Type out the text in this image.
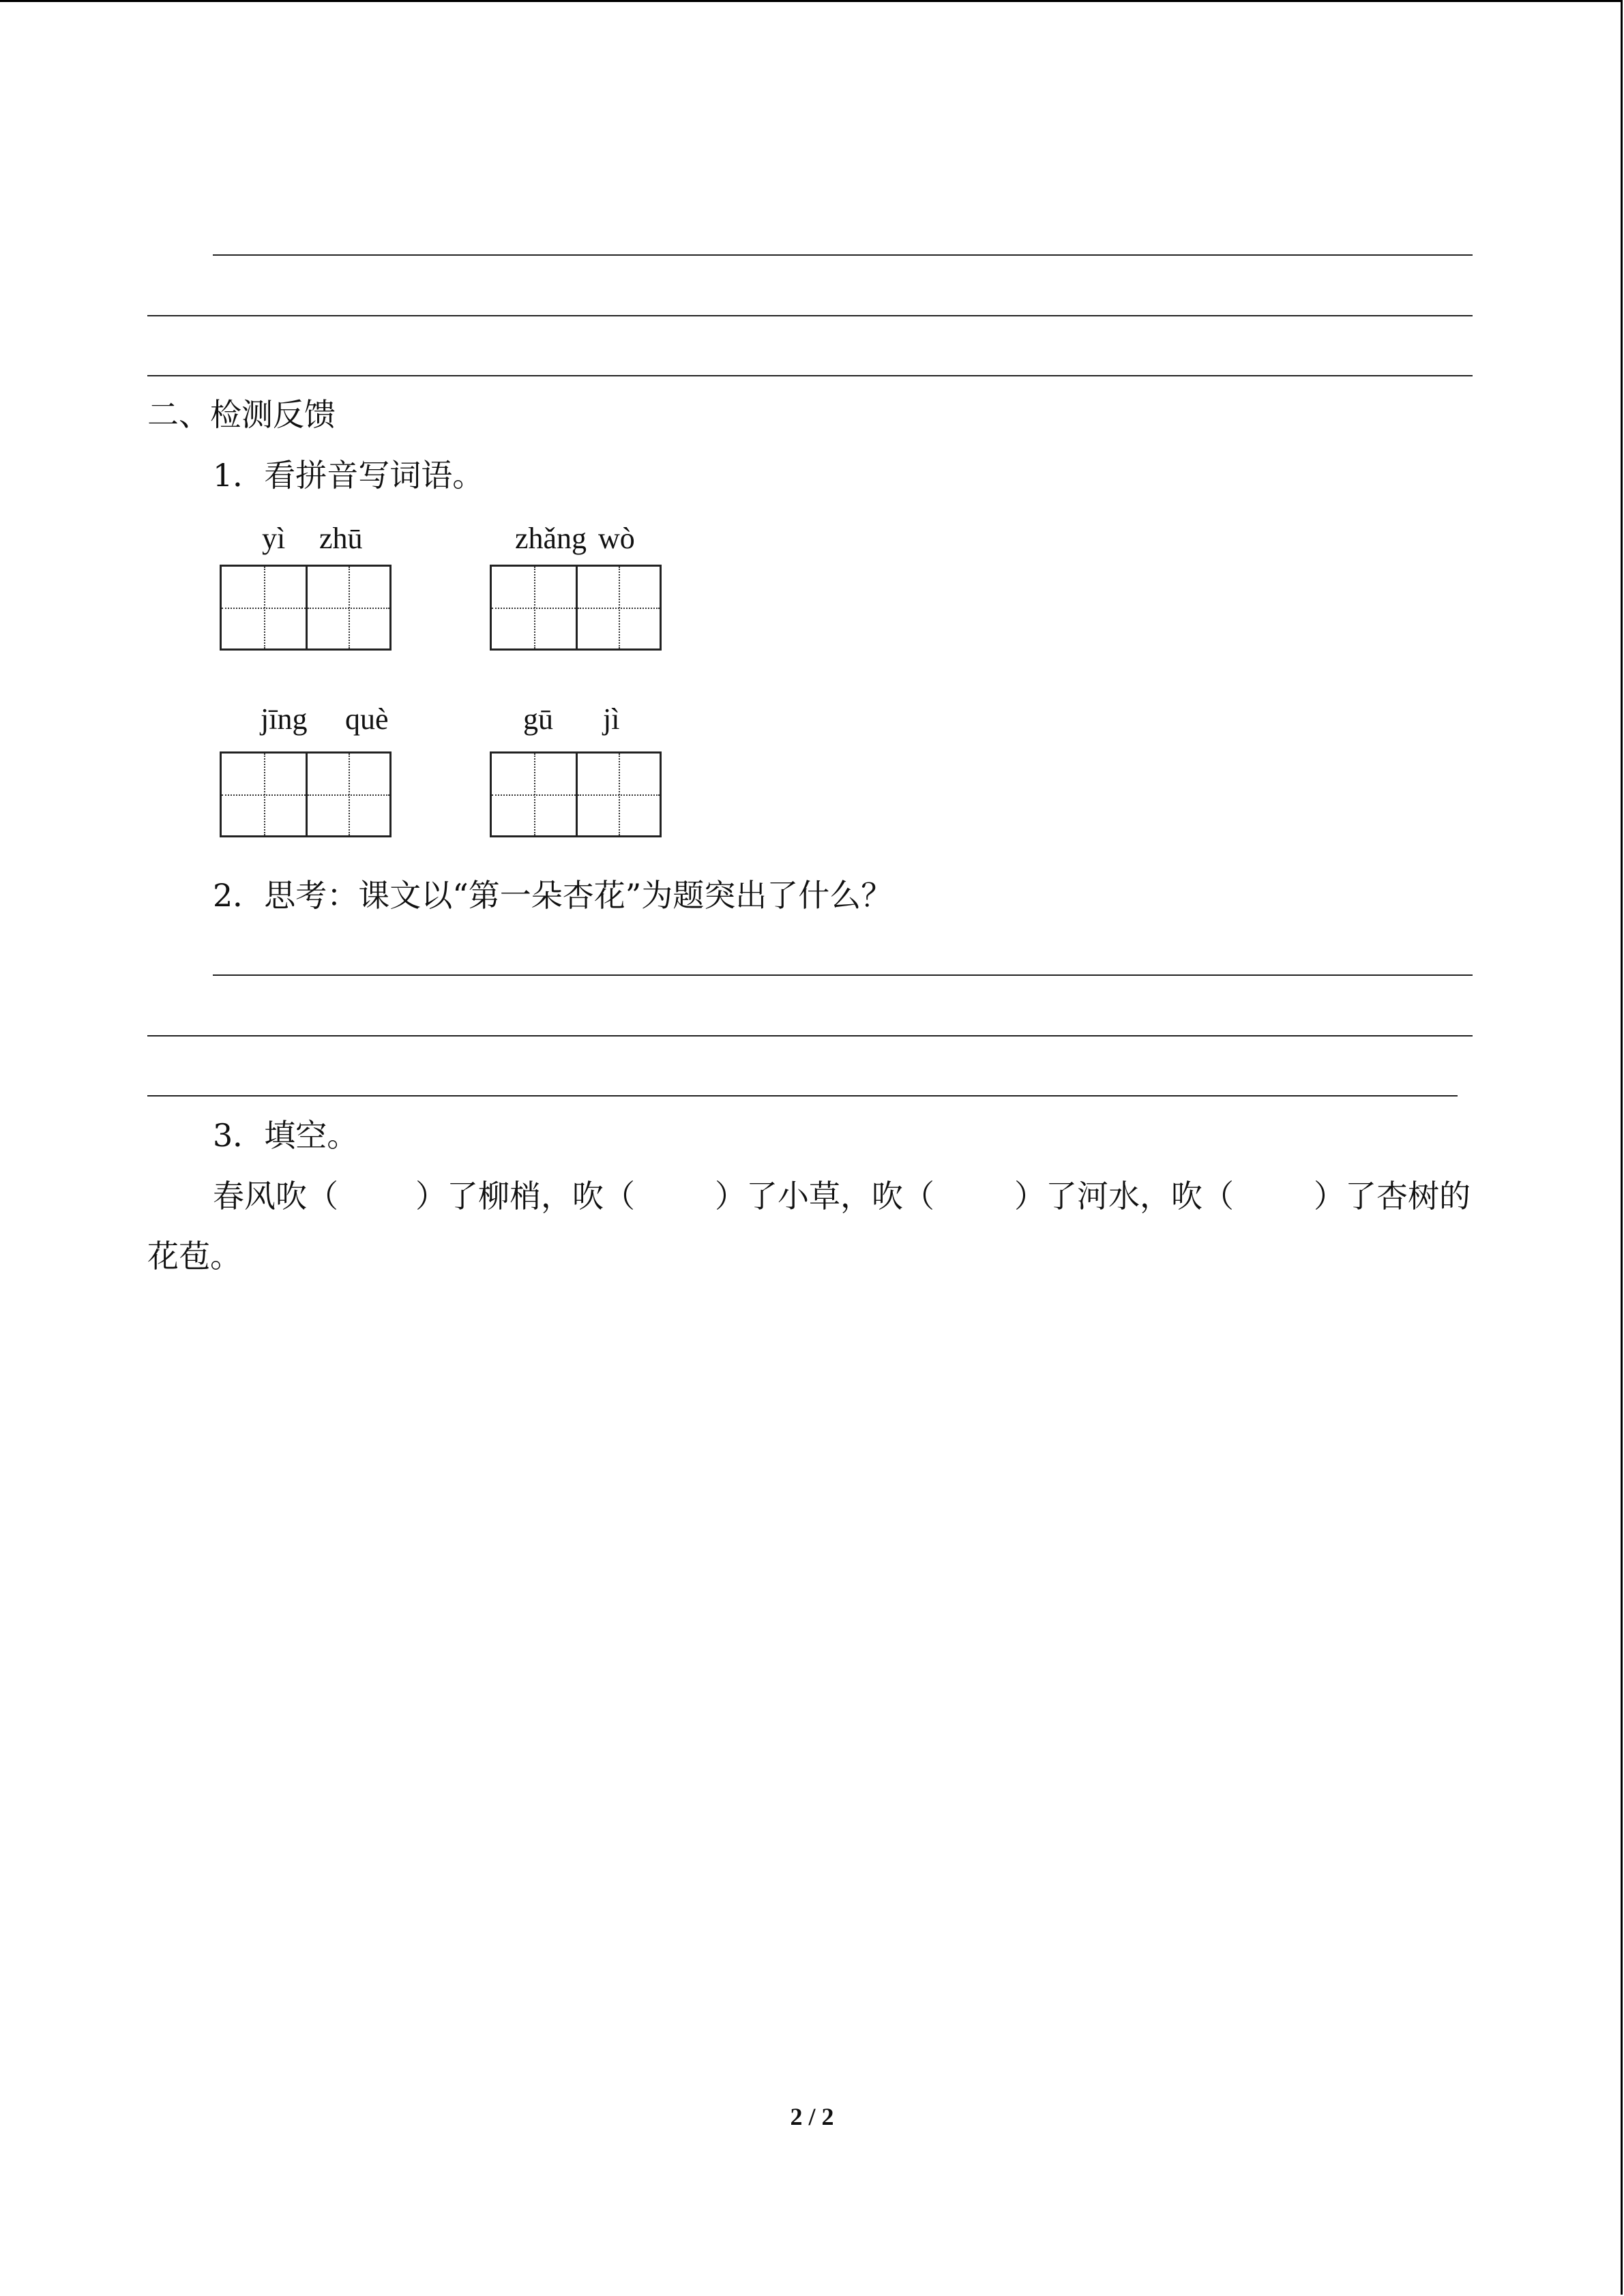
二、检测反馈
1．看拼音写词语。
yì zhū	zhǎng wò
jīng què	gū jì
2．思考：课文以“第一朵杏花”为题突出了什么？
3．填空。
春风吹（ ）了柳梢，吹（	）了小草，吹（	）了河水，吹（	）了杏树的
花苞。
2 / 2
